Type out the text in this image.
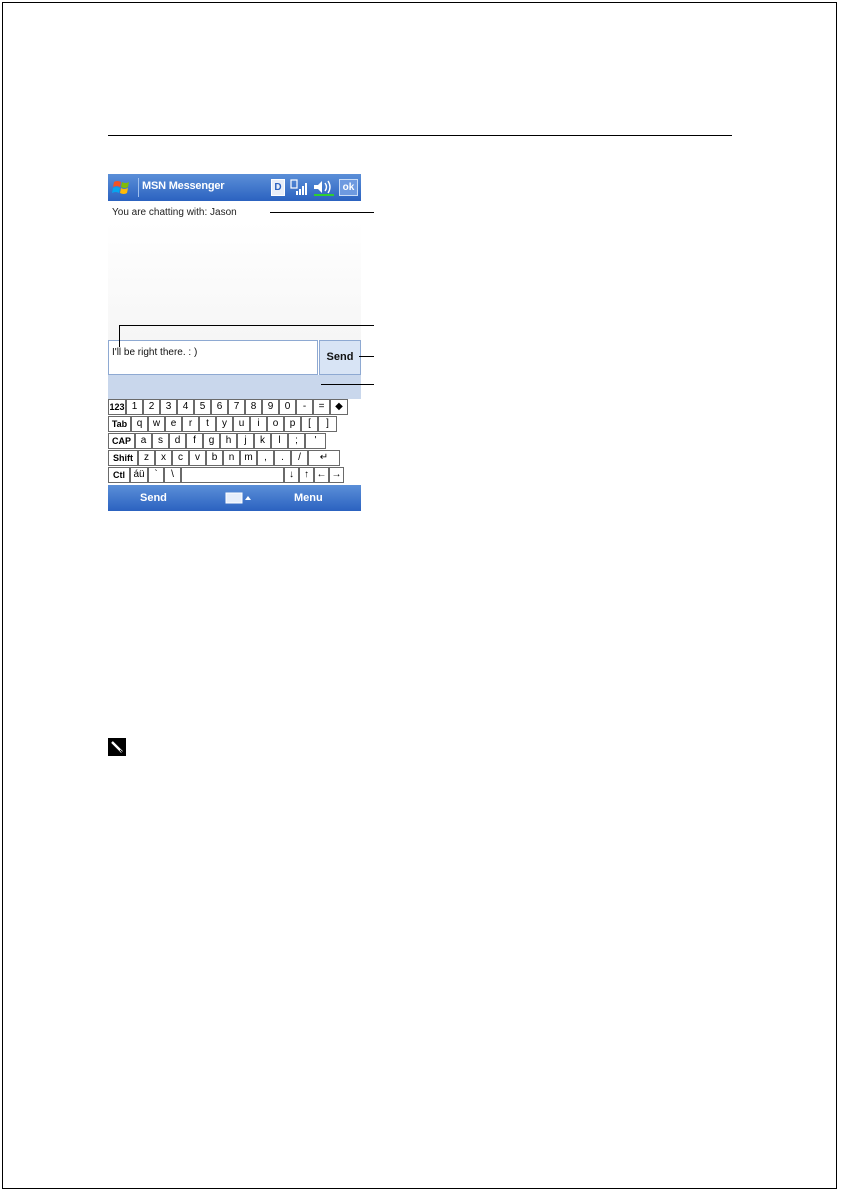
MSN Messenger	D	ok
You are chatting with: Jason
I'll be right there. : )	Send
123 1	2	3	4	5	6	7	8	9	0	-	=	◆
Tab q	w	e	r	t	y	u	i	o	p	[	]
CAP a	s	d	f	g	h	j	k	l	;	'
Shift	z	x	c	v	b	n	m	,	.	/	↵
Ctl áü `	\	↓	↑ ← →
Send	Menu
